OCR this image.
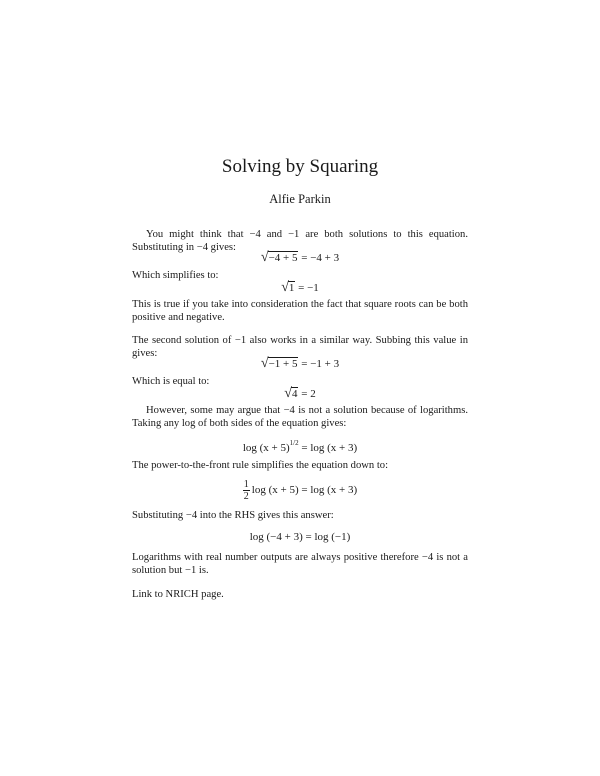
Solving by Squaring
Alfie Parkin
You might think that −4 and −1 are both solutions to this equation. Substituting in −4 gives:
√ −4 + 5 = −4 + 3
Which simplifies to:
√ 1 = −1
This is true if you take into consideration the fact that square roots can be both positive and negative.
The second solution of −1 also works in a similar way. Subbing this value in gives:
√ −1 + 5 = −1 + 3
Which is equal to:
√ 4 = 2
However, some may argue that −4 is not a solution because of logarithms. Taking any log of both sides of the equation gives:
$\log (x + 5)^{1/2} = \log (x + 3)$
The power-to-the-front rule simplifies the equation down to:
$\frac{1}{2}$ log (x + 5) = log (x + 3)
Substituting −4 into the RHS gives this answer:
log (−4 + 3) = log (−1)
Logarithms with real number outputs are always positive therefore −4 is not a solution but −1 is.
Link to NRICH page.
